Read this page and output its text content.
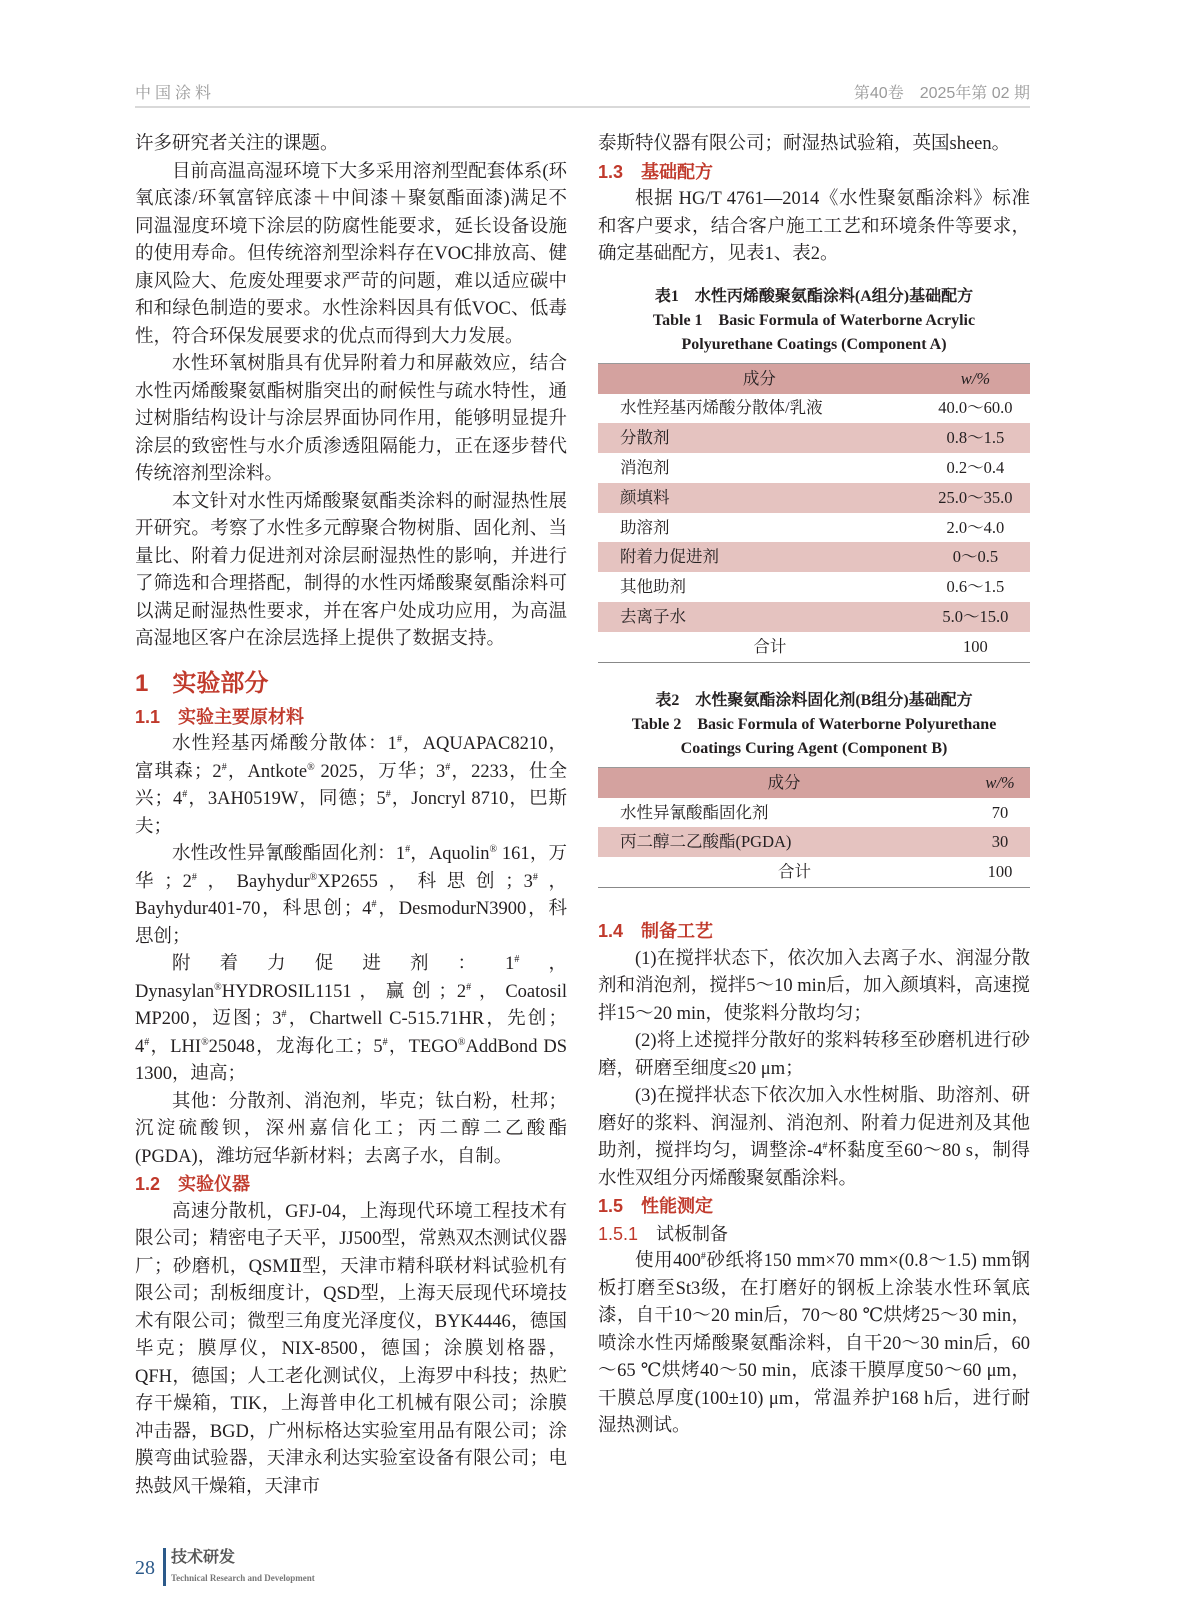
中国涂料	第40卷　2025年第 02 期

许多研究者关注的课题。

目前高温高湿环境下大多采用溶剂型配套体系(环氧底漆/环氧富锌底漆＋中间漆＋聚氨酯面漆)满足不同温湿度环境下涂层的防腐性能要求，延长设备设施的使用寿命。但传统溶剂型涂料存在VOC排放高、健康风险大、危废处理要求严苛的问题，难以适应碳中和和绿色制造的要求。水性涂料因具有低VOC、低毒性，符合环保发展要求的优点而得到大力发展。

水性环氧树脂具有优异附着力和屏蔽效应，结合水性丙烯酸聚氨酯树脂突出的耐候性与疏水特性，通过树脂结构设计与涂层界面协同作用，能够明显提升涂层的致密性与水介质渗透阻隔能力，正在逐步替代传统溶剂型涂料。

本文针对水性丙烯酸聚氨酯类涂料的耐湿热性展开研究。考察了水性多元醇聚合物树脂、固化剂、当量比、附着力促进剂对涂层耐湿热性的影响，并进行了筛选和合理搭配，制得的水性丙烯酸聚氨酯涂料可以满足耐湿热性要求，并在客户处成功应用，为高温高湿地区客户在涂层选择上提供了数据支持。

1　实验部分
1.1　实验主要原材料

水性羟基丙烯酸分散体：1#，AQUAPAC8210，富琪森；2#，Antkote® 2025，万华；3#，2233，仕全兴；4#，3AH0519W，同德；5#，Joncryl 8710，巴斯夫；

水性改性异氰酸酯固化剂：1#，Aquolin® 161，万华；2#，Bayhydur®XP2655，科思创；3#，Bayhydur401-70，科思创；4#，DesmodurN3900，科思创；

附着力促进剂：1#，Dynasylan®HYDROSIL1151，赢创；2#，Coatosil MP200，迈图；3#，Chartwell C-515.71HR，先创；4#，LHI®25048，龙海化工；5#，TEGO®AddBond DS 1300，迪高；

其他：分散剂、消泡剂，毕克；钛白粉，杜邦；沉淀硫酸钡，深州嘉信化工；丙二醇二乙酸酯(PGDA)，潍坊冠华新材料；去离子水，自制。

1.2　实验仪器

高速分散机，GFJ-04，上海现代环境工程技术有限公司；精密电子天平，JJ500型，常熟双杰测试仪器厂；砂磨机，QSMⅡ型，天津市精科联材料试验机有限公司；刮板细度计，QSD型，上海天辰现代环境技术有限公司；微型三角度光泽度仪，BYK4446，德国毕克；膜厚仪，NIX-8500，德国；涂膜划格器，QFH，德国；人工老化测试仪，上海罗中科技；热贮存干燥箱，TIK，上海普申化工机械有限公司；涂膜冲击器，BGD，广州标格达实验室用品有限公司；涂膜弯曲试验器，天津永利达实验室设备有限公司；电热鼓风干燥箱，天津市

泰斯特仪器有限公司；耐湿热试验箱，英国sheen。

1.3　基础配方

根据 HG/T 4761—2014《水性聚氨酯涂料》标准和客户要求，结合客户施工工艺和环境条件等要求，确定基础配方，见表1、表2。

表1　水性丙烯酸聚氨酯涂料(A组分)基础配方
Table 1　Basic Formula of Waterborne Acrylic Polyurethane Coatings (Component A)
成分	w/%
水性羟基丙烯酸分散体/乳液	40.0～60.0
分散剂	0.8～1.5
消泡剂	0.2～0.4
颜填料	25.0～35.0
助溶剂	2.0～4.0
附着力促进剂	0～0.5
其他助剂	0.6～1.5
去离子水	5.0～15.0
合计	100
表2　水性聚氨酯涂料固化剂(B组分)基础配方
Table 2　Basic Formula of Waterborne Polyurethane Coatings Curing Agent (Component B)
成分	w/%
水性异氰酸酯固化剂	70
丙二醇二乙酸酯(PGDA)	30
合计	100
1.4　制备工艺

(1)在搅拌状态下，依次加入去离子水、润湿分散剂和消泡剂，搅拌5～10 min后，加入颜填料，高速搅拌15～20 min，使浆料分散均匀；

(2)将上述搅拌分散好的浆料转移至砂磨机进行砂磨，研磨至细度≤20 μm；

(3)在搅拌状态下依次加入水性树脂、助溶剂、研磨好的浆料、润湿剂、消泡剂、附着力促进剂及其他助剂，搅拌均匀，调整涂-4#杯黏度至60～80 s，制得水性双组分丙烯酸聚氨酯涂料。

1.5　性能测定
1.5.1　 试板制备

使用400#砂纸将150 mm×70 mm×(0.8～1.5) mm钢板打磨至St3级，在打磨好的钢板上涂装水性环氧底漆，自干10～20 min后，70～80 ℃烘烤25～30 min，喷涂水性丙烯酸聚氨酯涂料，自干20～30 min后，60～65 ℃烘烤40～50 min，底漆干膜厚度50～60 μm，干膜总厚度(100±10) μm，常温养护168 h后，进行耐湿热测试。

28 技术研发
Technical Research and Development
